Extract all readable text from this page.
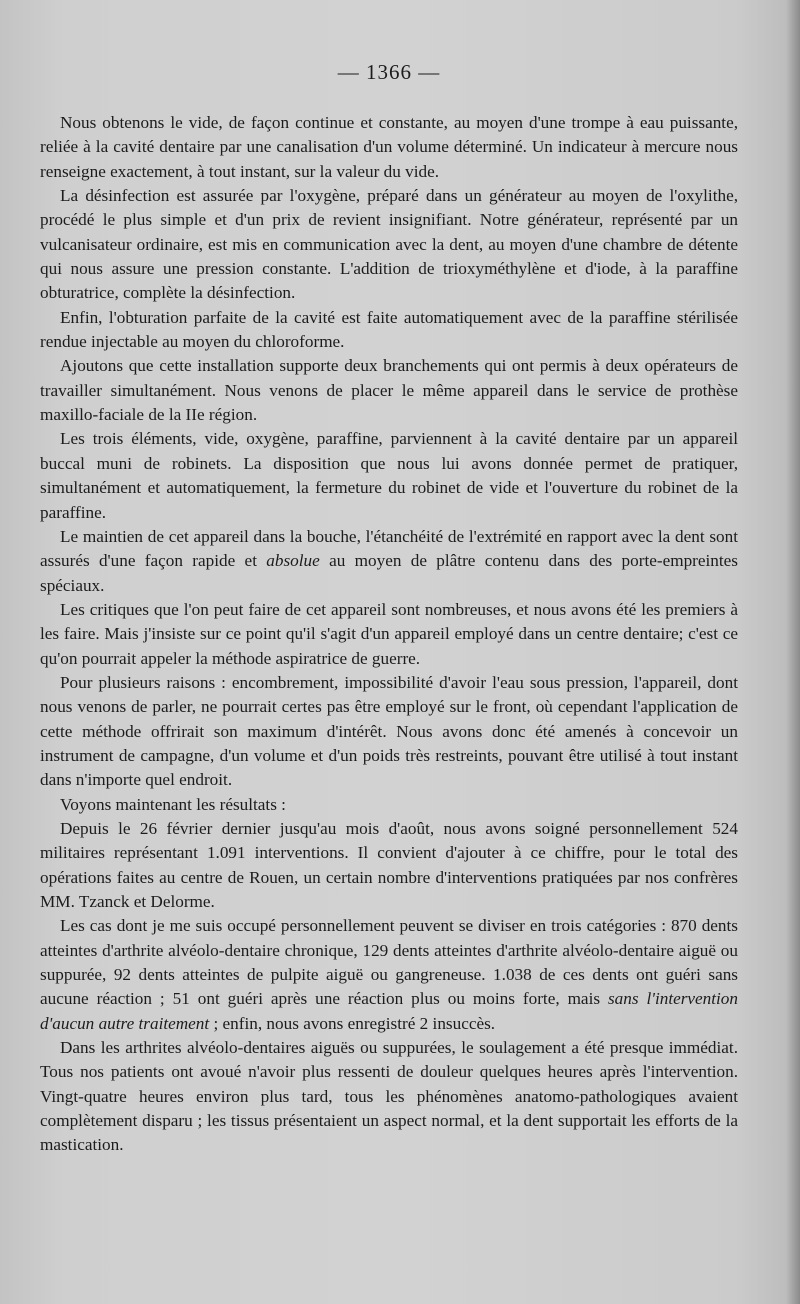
— 1366 —

Nous obtenons le vide, de façon continue et constante, au moyen d'une trompe à eau puissante, reliée à la cavité dentaire par une canalisation d'un volume déterminé. Un indicateur à mercure nous renseigne exactement, à tout instant, sur la valeur du vide.

La désinfection est assurée par l'oxygène, préparé dans un générateur au moyen de l'oxylithe, procédé le plus simple et d'un prix de revient insignifiant. Notre générateur, représenté par un vulcanisateur ordinaire, est mis en communication avec la dent, au moyen d'une chambre de détente qui nous assure une pression constante. L'addition de trioxyméthylène et d'iode, à la paraffine obturatrice, complète la désinfection.

Enfin, l'obturation parfaite de la cavité est faite automatiquement avec de la paraffine stérilisée rendue injectable au moyen du chloroforme.

Ajoutons que cette installation supporte deux branchements qui ont permis à deux opérateurs de travailler simultanément. Nous venons de placer le même appareil dans le service de prothèse maxillo-faciale de la IIe région.

Les trois éléments, vide, oxygène, paraffine, parviennent à la cavité dentaire par un appareil buccal muni de robinets. La disposition que nous lui avons donnée permet de pratiquer, simultanément et automatiquement, la fermeture du robinet de vide et l'ouverture du robinet de la paraffine.

Le maintien de cet appareil dans la bouche, l'étanchéité de l'extrémité en rapport avec la dent sont assurés d'une façon rapide et absolue au moyen de plâtre contenu dans des porte-empreintes spéciaux.

Les critiques que l'on peut faire de cet appareil sont nombreuses, et nous avons été les premiers à les faire. Mais j'insiste sur ce point qu'il s'agit d'un appareil employé dans un centre dentaire; c'est ce qu'on pourrait appeler la méthode aspiratrice de guerre.

Pour plusieurs raisons : encombrement, impossibilité d'avoir l'eau sous pression, l'appareil, dont nous venons de parler, ne pourrait certes pas être employé sur le front, où cependant l'application de cette méthode offrirait son maximum d'intérêt. Nous avons donc été amenés à concevoir un instrument de campagne, d'un volume et d'un poids très restreints, pouvant être utilisé à tout instant dans n'importe quel endroit.

Voyons maintenant les résultats :

Depuis le 26 février dernier jusqu'au mois d'août, nous avons soigné personnellement 524 militaires représentant 1.091 interventions. Il convient d'ajouter à ce chiffre, pour le total des opérations faites au centre de Rouen, un certain nombre d'interventions pratiquées par nos confrères MM. Tzanck et Delorme.

Les cas dont je me suis occupé personnellement peuvent se diviser en trois catégories : 870 dents atteintes d'arthrite alvéolo-dentaire chronique, 129 dents atteintes d'arthrite alvéolo-dentaire aiguë ou suppurée, 92 dents atteintes de pulpite aiguë ou gangreneuse. 1.038 de ces dents ont guéri sans aucune réaction ; 51 ont guéri après une réaction plus ou moins forte, mais sans l'intervention d'aucun autre traitement ; enfin, nous avons enregistré 2 insuccès.

Dans les arthrites alvéolo-dentaires aiguës ou suppurées, le soulagement a été presque immédiat. Tous nos patients ont avoué n'avoir plus ressenti de douleur quelques heures après l'intervention. Vingt-quatre heures environ plus tard, tous les phénomènes anatomo-pathologiques avaient complètement disparu ; les tissus présentaient un aspect normal, et la dent supportait les efforts de la mastication.
